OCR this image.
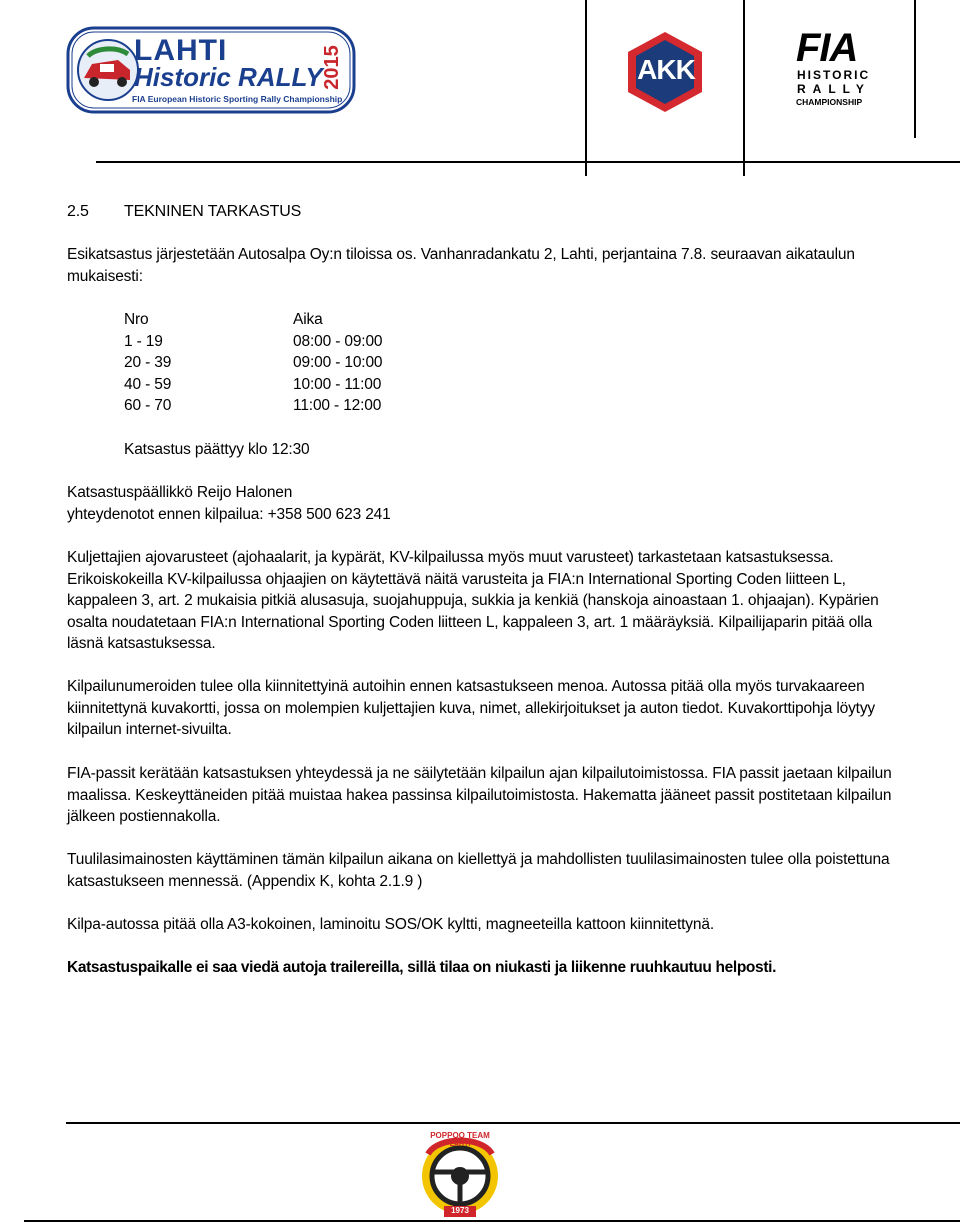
LAHTI
Historic RALLY
2015
FIA European Historic Sporting Rally Championship
AKK	FIA
HISTORIC
RALLY
CHAMPIONSHIP
2.5 TEKNINEN TARKASTUS
Esikatsastus järjestetään Autosalpa Oy:n tiloissa os. Vanhanradankatu 2, Lahti, perjantaina 7.8. seuraavan aikataulun mukaisesti:
Nro	Aika
1 - 19	08:00 - 09:00
20 - 39	09:00 - 10:00
40 - 59	10:00 - 11:00
60 - 70	11:00 - 12:00
Katsastus päättyy klo 12:30
Katsastuspäällikkö Reijo Halonen
yhteydenotot ennen kilpailua: +358 500 623 241
Kuljettajien ajovarusteet (ajohaalarit, ja kypärät, KV-kilpailussa myös muut varusteet) tarkastetaan katsastuksessa. Erikoiskokeilla KV-kilpailussa ohjaajien on käytettävä näitä varusteita ja FIA:n International Sporting Coden liitteen L, kappaleen 3, art. 2 mukaisia pitkiä alusasuja, suojahuppuja, sukkia ja kenkiä (hanskoja ainoastaan 1. ohjaajan). Kypärien osalta noudatetaan FIA:n International Sporting Coden liitteen L, kappaleen 3, art. 1 määräyksiä. Kilpailijaparin pitää olla läsnä katsastuksessa.
Kilpailunumeroiden tulee olla kiinnitettyinä autoihin ennen katsastukseen menoa. Autossa pitää olla myös turvakaareen kiinnitettynä kuvakortti, jossa on molempien kuljettajien kuva, nimet, allekirjoitukset ja auton tiedot. Kuvakorttipohja löytyy kilpailun internet-sivuilta.
FIA-passit kerätään katsastuksen yhteydessä ja ne säilytetään kilpailun ajan kilpailutoimistossa. FIA passit jaetaan kilpailun maalissa. Keskeyttäneiden pitää muistaa hakea passinsa kilpailutoimistosta. Hakematta jääneet passit postitetaan kilpailun jälkeen postiennakolla.
Tuulilasimainosten käyttäminen tämän kilpailun aikana on kiellettyä ja mahdollisten tuulilasimainosten tulee olla poistettuna katsastukseen mennessä. (Appendix K, kohta 2.1.9 )
Kilpa-autossa pitää olla A3-kokoinen, laminoitu SOS/OK kyltti, magneeteilla kattoon kiinnitettynä.
Katsastuspaikalle ei saa viedä autoja trailereilla, sillä tilaa on niukasti ja liikenne ruuhkautuu helposti.
POPPOO TEAM
LAHTI
1973
